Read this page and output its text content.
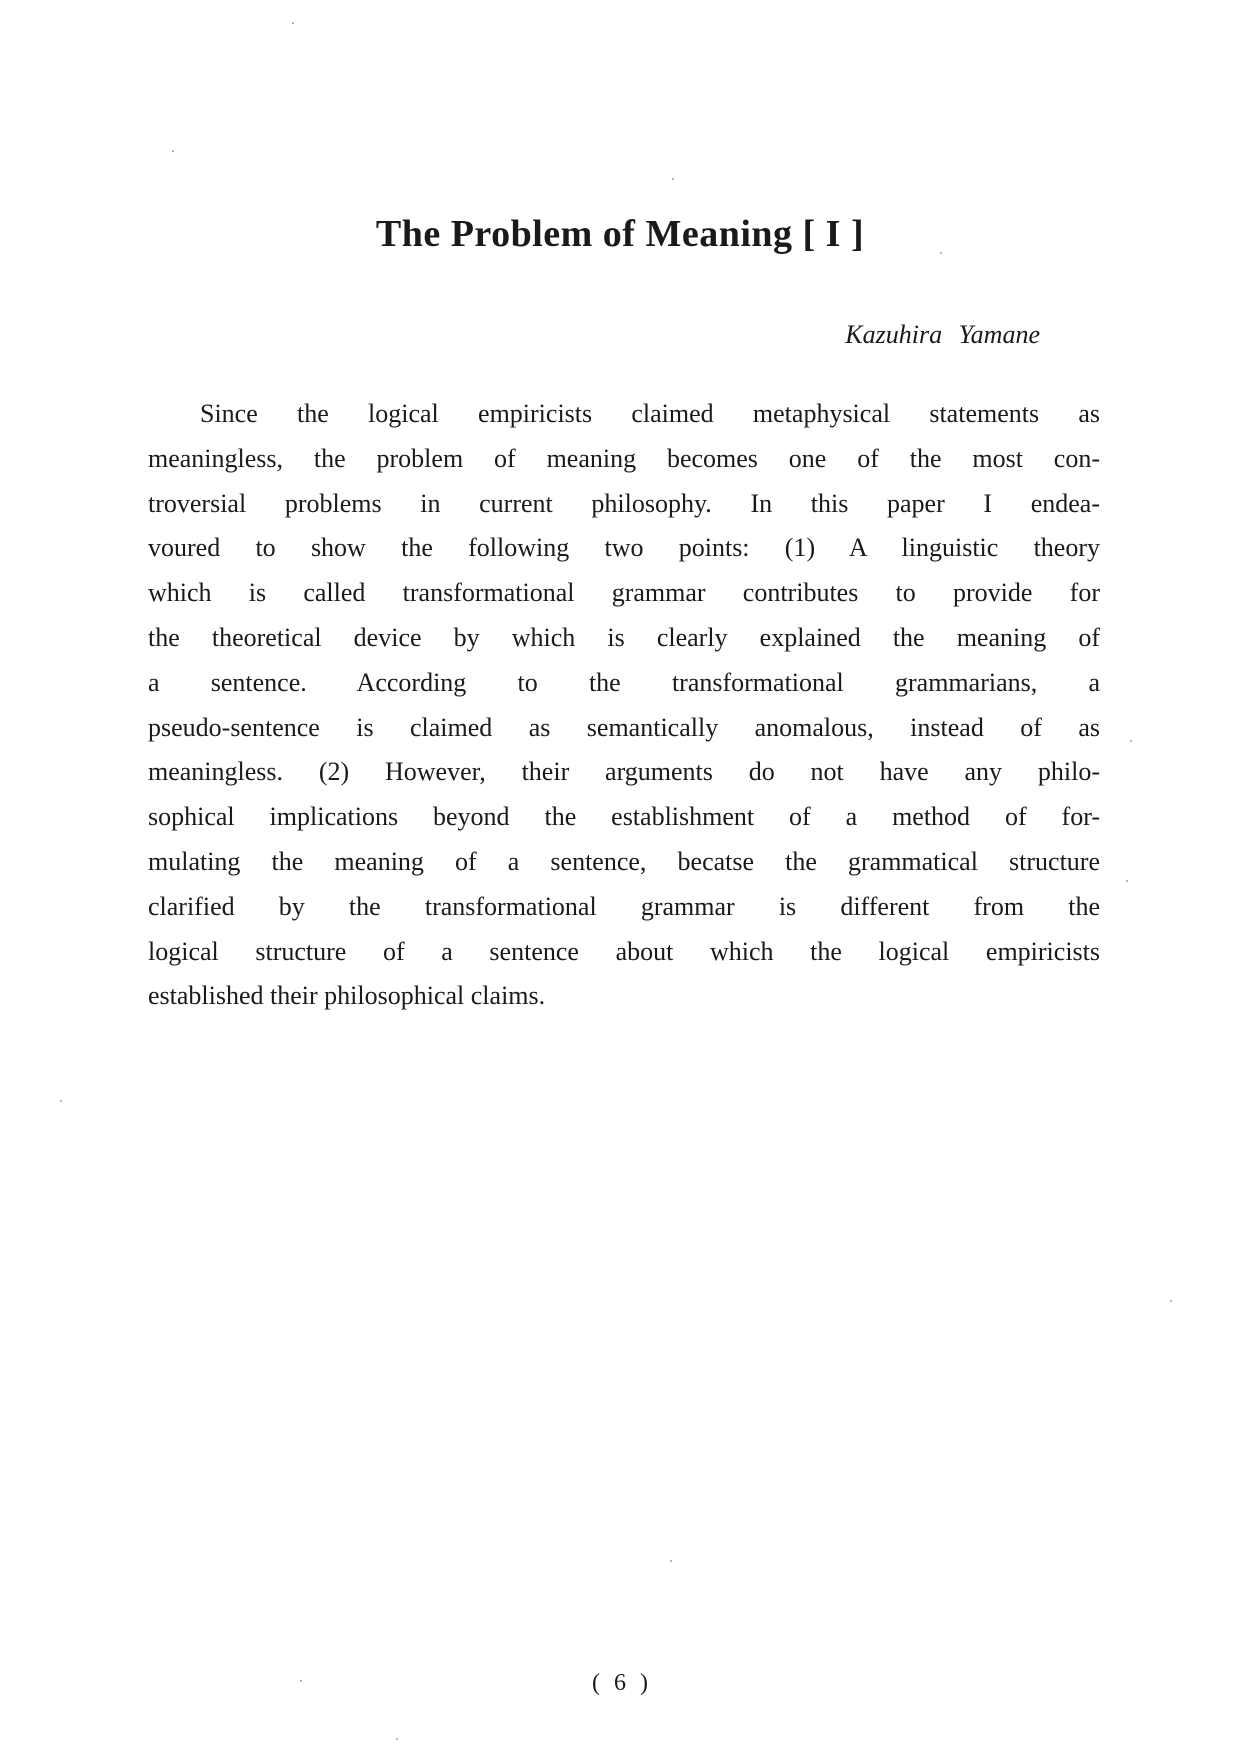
The Problem of Meaning [ I ]
Kazuhira Yamane
Since the logical empiricists claimed metaphysical statements as
meaningless, the problem of meaning becomes one of the most con-
troversial problems in current philosophy. In this paper I endea-
voured to show the following two points: (1) A linguistic theory
which is called transformational grammar contributes to provide for
the theoretical device by which is clearly explained the meaning of
a sentence. According to the transformational grammarians, a
pseudo-sentence is claimed as semantically anomalous, instead of as
meaningless. (2) However, their arguments do not have any philo-
sophical implications beyond the establishment of a method of for-
mulating the meaning of a sentence, becatse the grammatical structure
clarified by the transformational grammar is different from the
logical structure of a sentence about which the logical empiricists
established their philosophical claims.
( 6 )
